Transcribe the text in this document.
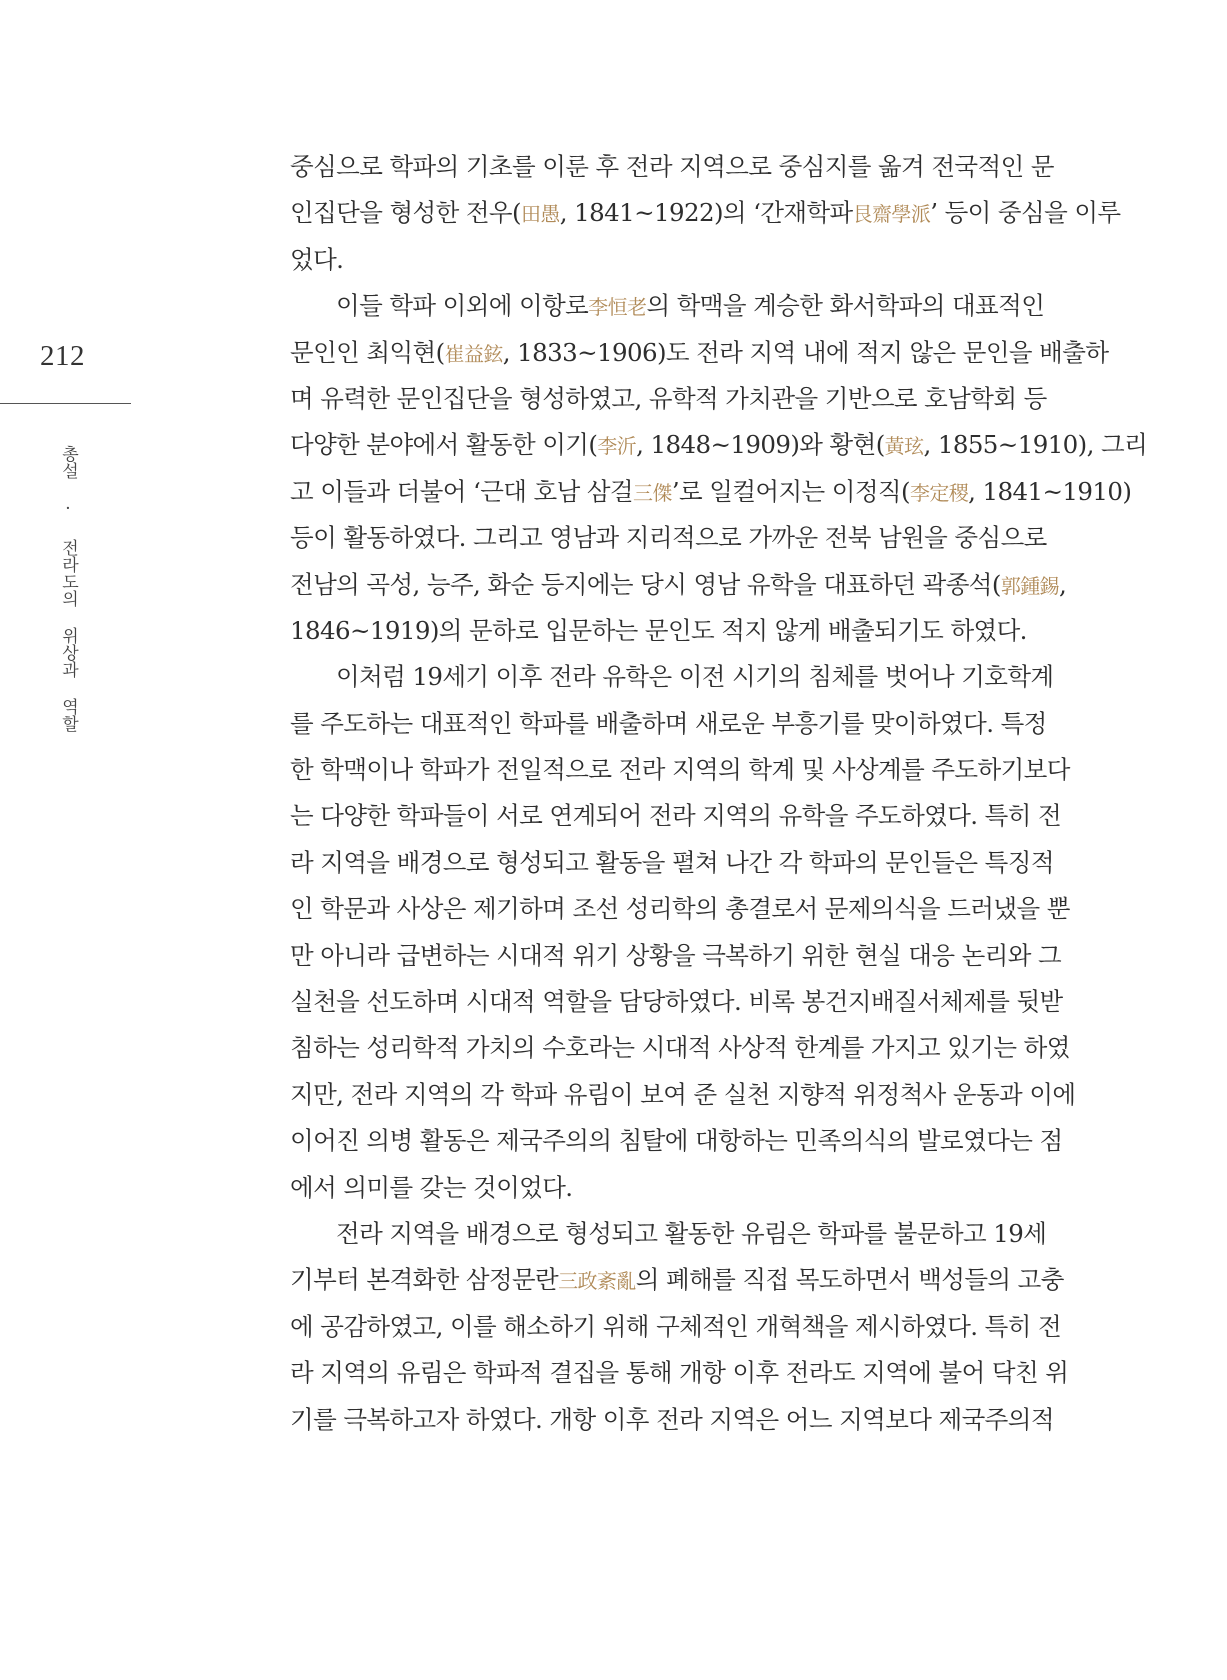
212
총설 · 전라도의 위상과 역할
중심으로 학파의 기초를 이룬 후 전라 지역으로 중심지를 옮겨 전국적인 문
인집단을 형성한 전우(田愚, 1841~1922)의 ‘간재학파艮齋學派’ 등이 중심을 이루
었다.
이들 학파 이외에 이항로李恒老의 학맥을 계승한 화서학파의 대표적인
문인인 최익현(崔益鉉, 1833~1906)도 전라 지역 내에 적지 않은 문인을 배출하
며 유력한 문인집단을 형성하였고, 유학적 가치관을 기반으로 호남학회 등
다양한 분야에서 활동한 이기(李沂, 1848~1909)와 황현(黃玹, 1855~1910), 그리
고 이들과 더불어 ‘근대 호남 삼걸三傑’로 일컬어지는 이정직(李定稷, 1841~1910)
등이 활동하였다. 그리고 영남과 지리적으로 가까운 전북 남원을 중심으로
전남의 곡성, 능주, 화순 등지에는 당시 영남 유학을 대표하던 곽종석(郭鍾錫,
1846~1919)의 문하로 입문하는 문인도 적지 않게 배출되기도 하였다.
이처럼 19세기 이후 전라 유학은 이전 시기의 침체를 벗어나 기호학계
를 주도하는 대표적인 학파를 배출하며 새로운 부흥기를 맞이하였다. 특정
한 학맥이나 학파가 전일적으로 전라 지역의 학계 및 사상계를 주도하기보다
는 다양한 학파들이 서로 연계되어 전라 지역의 유학을 주도하였다. 특히 전
라 지역을 배경으로 형성되고 활동을 펼쳐 나간 각 학파의 문인들은 특징적
인 학문과 사상은 제기하며 조선 성리학의 총결로서 문제의식을 드러냈을 뿐
만 아니라 급변하는 시대적 위기 상황을 극복하기 위한 현실 대응 논리와 그
실천을 선도하며 시대적 역할을 담당하였다. 비록 봉건지배질서체제를 뒷받
침하는 성리학적 가치의 수호라는 시대적 사상적 한계를 가지고 있기는 하였
지만, 전라 지역의 각 학파 유림이 보여 준 실천 지향적 위정척사 운동과 이에
이어진 의병 활동은 제국주의의 침탈에 대항하는 민족의식의 발로였다는 점
에서 의미를 갖는 것이었다.
전라 지역을 배경으로 형성되고 활동한 유림은 학파를 불문하고 19세
기부터 본격화한 삼정문란三政紊亂의 폐해를 직접 목도하면서 백성들의 고충
에 공감하였고, 이를 해소하기 위해 구체적인 개혁책을 제시하였다. 특히 전
라 지역의 유림은 학파적 결집을 통해 개항 이후 전라도 지역에 불어 닥친 위
기를 극복하고자 하였다. 개항 이후 전라 지역은 어느 지역보다 제국주의적
